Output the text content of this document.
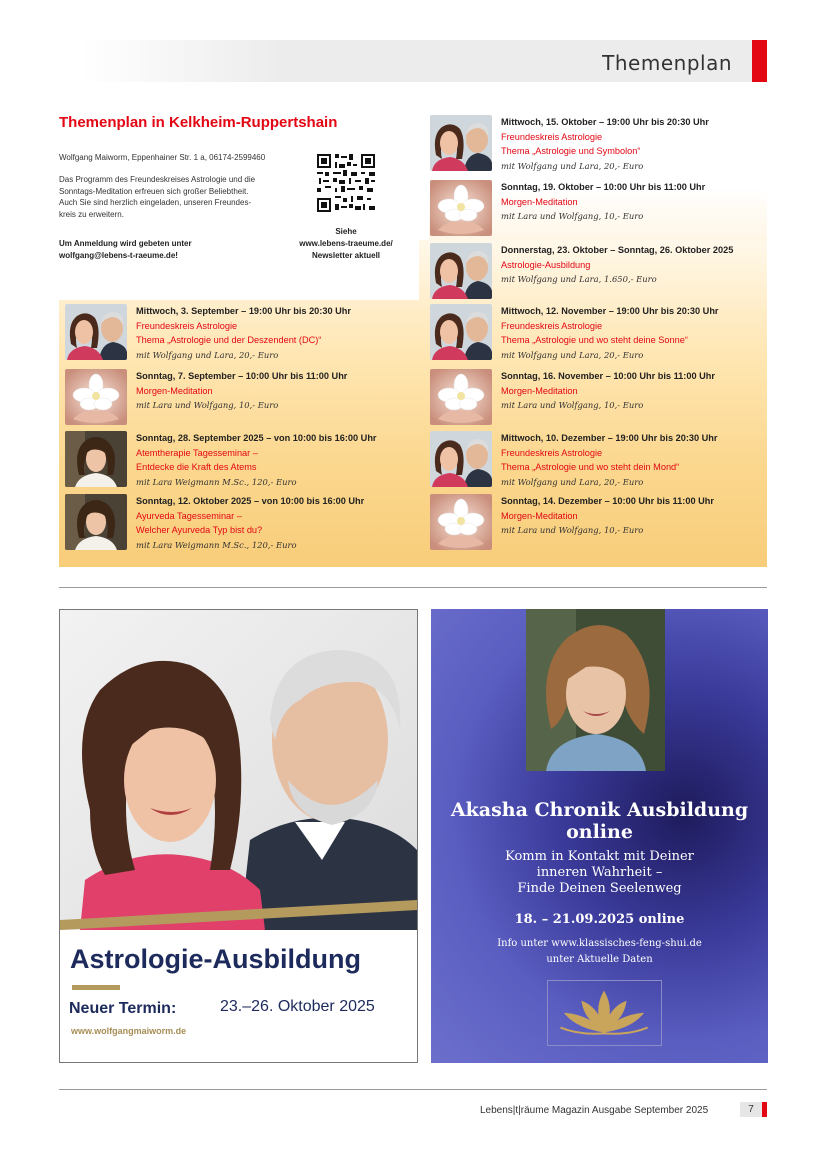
Themenplan
Themenplan in Kelkheim-Ruppertshain
Wolfgang Maiworm, Eppenhainer Str. 1 a, 06174-2599460
Das Programm des Freundeskreises Astrologie und die
Sonntags-Meditation erfreuen sich großer Beliebtheit.
Auch Sie sind herzlich eingeladen, unseren Freundes-
kreis zu erweitern.
Siehe
www.lebens-traeume.de/
Newsletter aktuell
Um Anmeldung wird gebeten unter
wolfgang@lebens-t-raeume.de!
Mittwoch, 3. September – 19:00 Uhr bis 20:30 Uhr
Freundeskreis Astrologie
Thema „Astrologie und der Deszendent (DC)“
mit Wolfgang und Lara, 20,- Euro
Sonntag, 7. September – 10:00 Uhr bis 11:00 Uhr
Morgen-Meditation
mit Lara und Wolfgang, 10,- Euro
Sonntag, 28. September 2025 – von 10:00 bis 16:00 Uhr
Atemtherapie Tagesseminar –
Entdecke die Kraft des Atems
mit Lara Weigmann M.Sc., 120,- Euro
Sonntag, 12. Oktober 2025 – von 10:00 bis 16:00 Uhr
Ayurveda Tagesseminar –
Welcher Ayurveda Typ bist du?
mit Lara Weigmann M.Sc., 120,- Euro
Mittwoch, 15. Oktober – 19:00 Uhr bis 20:30 Uhr
Freundeskreis Astrologie
Thema „Astrologie und Symbolon“
mit Wolfgang und Lara, 20,- Euro
Sonntag, 19. Oktober – 10:00 Uhr bis 11:00 Uhr
Morgen-Meditation
mit Lara und Wolfgang, 10,- Euro
Donnerstag, 23. Oktober – Sonntag, 26. Oktober 2025
Astrologie-Ausbildung
mit Wolfgang und Lara, 1.650,- Euro
Mittwoch, 12. November – 19:00 Uhr bis 20:30 Uhr
Freundeskreis Astrologie
Thema „Astrologie und wo steht deine Sonne“
mit Wolfgang und Lara, 20,- Euro
Sonntag, 16. November – 10:00 Uhr bis 11:00 Uhr
Morgen-Meditation
mit Lara und Wolfgang, 10,- Euro
Mittwoch, 10. Dezember – 19:00 Uhr bis 20:30 Uhr
Freundeskreis Astrologie
Thema „Astrologie und wo steht dein Mond“
mit Wolfgang und Lara, 20,- Euro
Sonntag, 14. Dezember – 10:00 Uhr bis 11:00 Uhr
Morgen-Meditation
mit Lara und Wolfgang, 10,- Euro
Astrologie-Ausbildung
Neuer Termin:	23.–26. Oktober 2025
www.wolfgangmaiworm.de
Akasha Chronik Ausbildung
online
Komm in Kontakt mit Deiner
inneren Wahrheit –
Finde Deinen Seelenweg
18. – 21.09.2025 online
Info unter www.klassisches-feng-shui.de
unter Aktuelle Daten
Lebens|t|räume Magazin Ausgabe September 2025	7
